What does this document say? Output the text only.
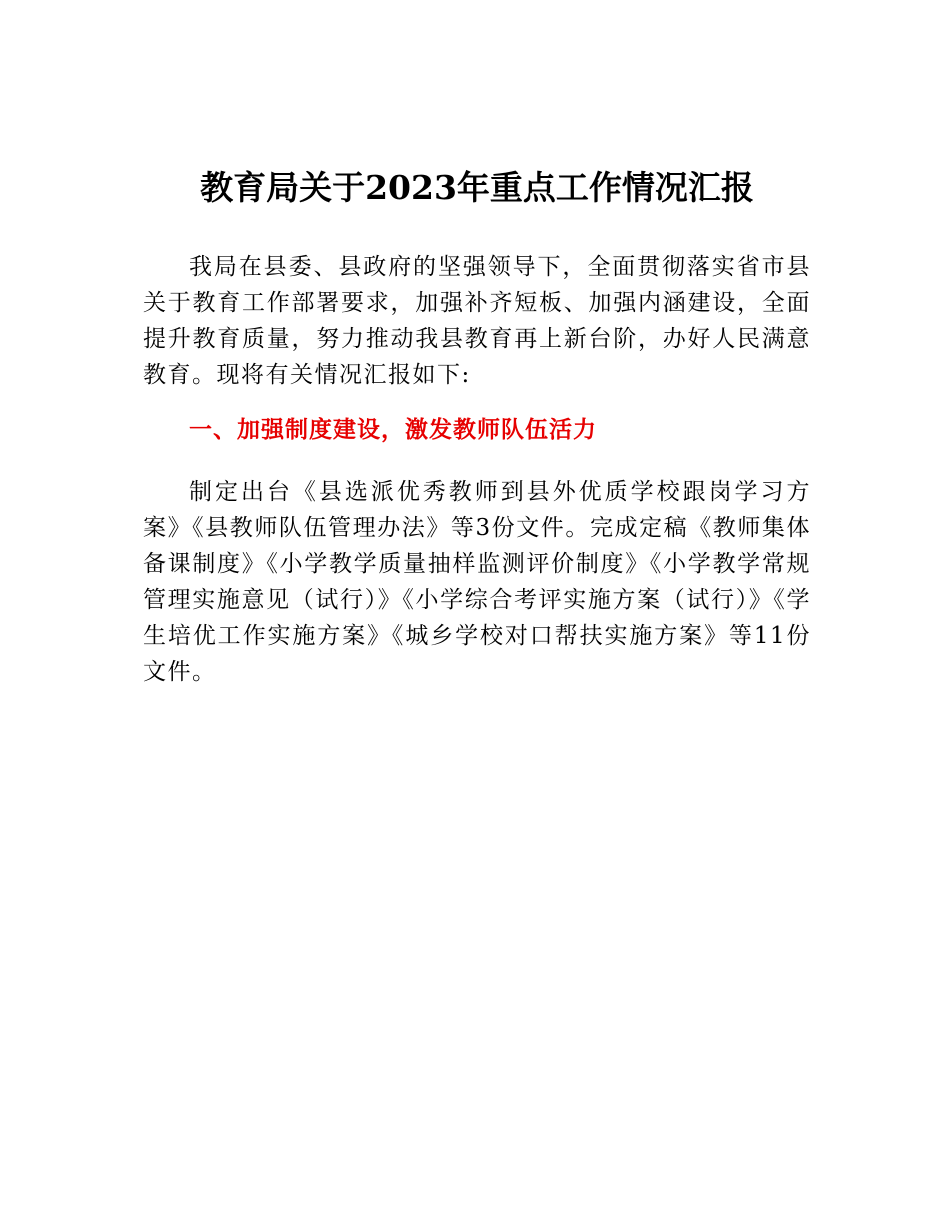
教育局关于2023年重点工作情况汇报

我局在县委、县政府的坚强领导下，全面贯彻落实省市县关于教育工作部署要求，加强补齐短板、加强内涵建设，全面提升教育质量，努力推动我县教育再上新台阶，办好人民满意教育。现将有关情况汇报如下:

一、加强制度建设，激发教师队伍活力

制定出台《县选派优秀教师到县外优质学校跟岗学习方案》《县教师队伍管理办法》等3份文件。完成定稿《教师集体备课制度》《小学教学质量抽样监测评价制度》《小学教学常规管理实施意见（试行）》《小学综合考评实施方案（试行）》《学生培优工作实施方案》《城乡学校对口帮扶实施方案》等11份文件。
